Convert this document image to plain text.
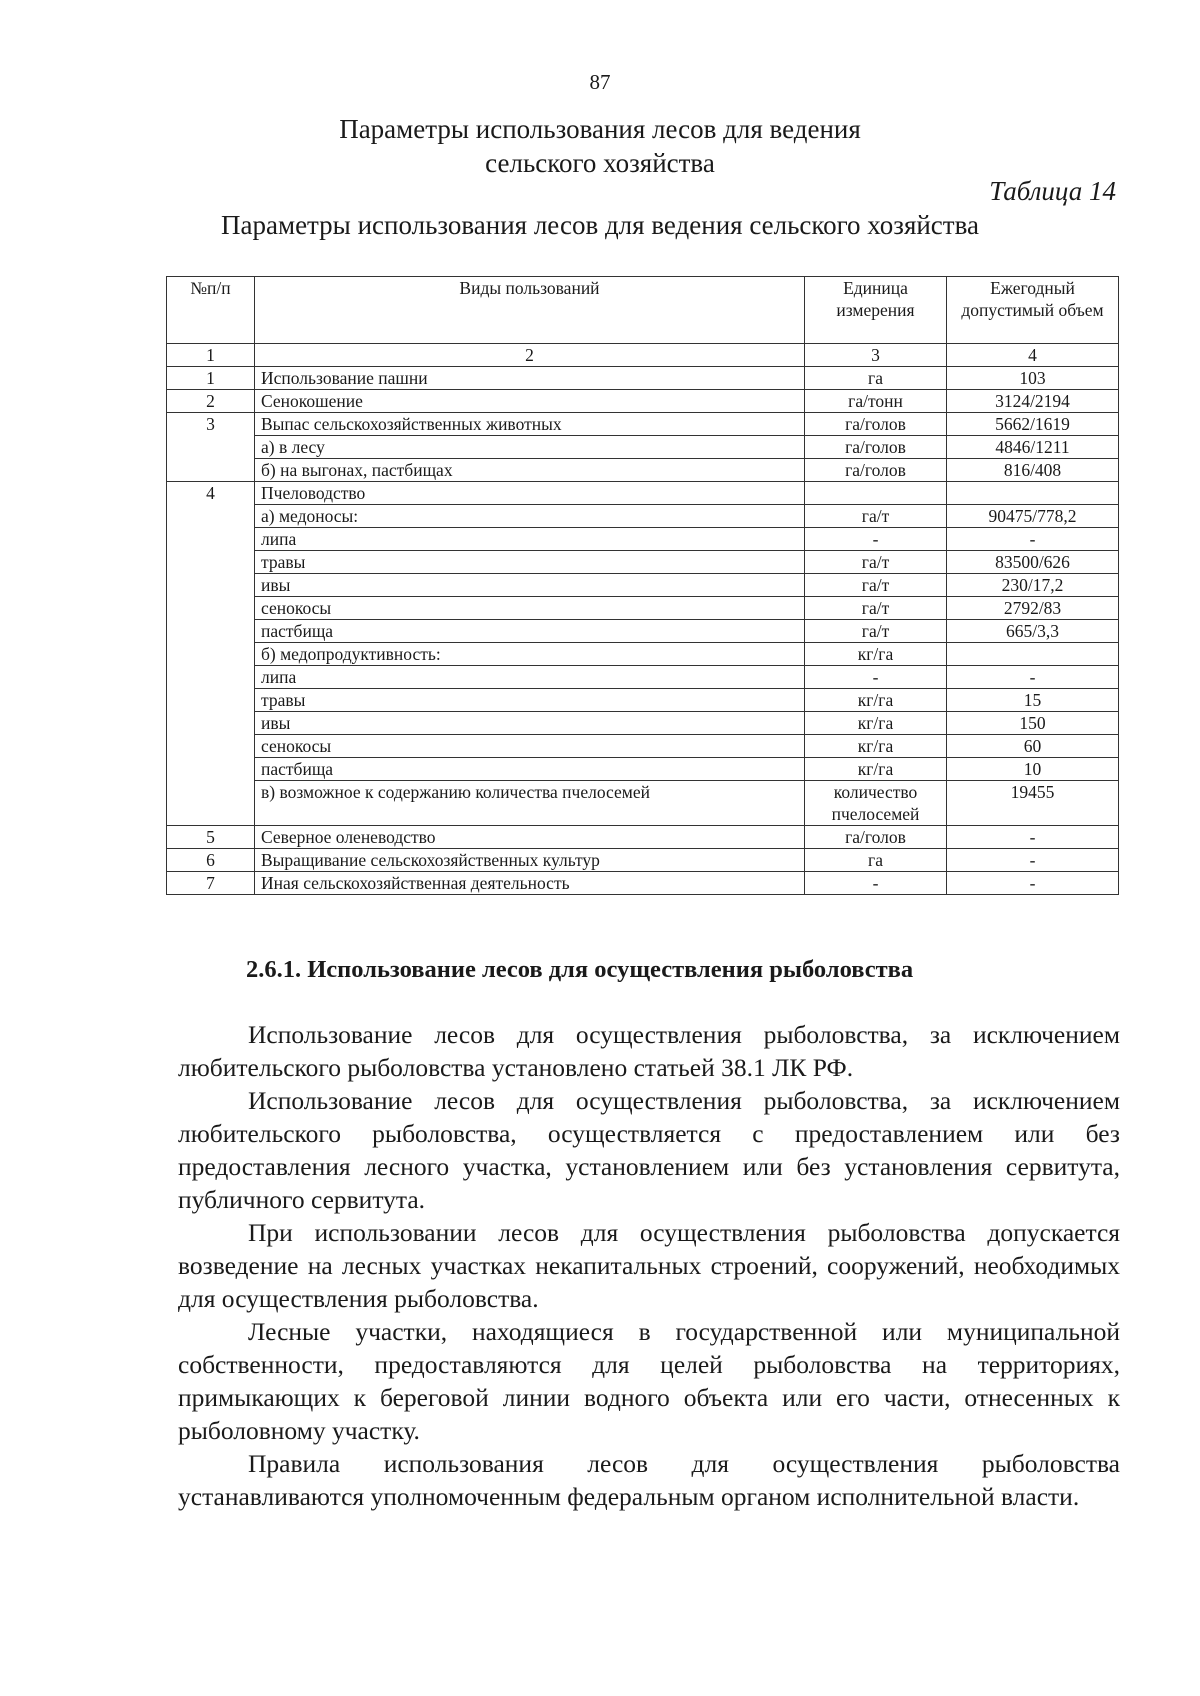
87
Параметры использования лесов для ведения
сельского хозяйства
Таблица 14
Параметры использования лесов для ведения сельского хозяйства
№п/п	Виды пользований	Единица измерения	Ежегодный допустимый объем
1	2	3	4
1	Использование пашни	га	103
2	Сенокошение	га/тонн	3124/2194
3	Выпас сельскохозяйственных животных	га/голов	5662/1619
	а) в лесу	га/голов	4846/1211
	б) на выгонах, пастбищах	га/голов	816/408
4	Пчеловодство		
	а) медоносы:	га/т	90475/778,2
	липа	-	-
	травы	га/т	83500/626
	ивы	га/т	230/17,2
	сенокосы	га/т	2792/83
	пастбища	га/т	665/3,3
	б) медопродуктивность:	кг/га	
	липа	-	-
	травы	кг/га	15
	ивы	кг/га	150
	сенокосы	кг/га	60
	пастбища	кг/га	10
	в) возможное к содержанию количества пчелосемей	количество пчелосемей	19455
5	Северное оленеводство	га/голов	-
6	Выращивание сельскохозяйственных культур	га	-
7	Иная сельскохозяйственная деятельность	-	-
2.6.1. Использование лесов для осуществления рыболовства

Использование лесов для осуществления рыболовства, за исключением любительского рыболовства установлено статьей 38.1 ЛК РФ.

Использование лесов для осуществления рыболовства, за исключением любительского рыболовства, осуществляется с предоставлением или без предоставления лесного участка, установлением или без установления сервитута, публичного сервитута.

При использовании лесов для осуществления рыболовства допускается возведение на лесных участках некапитальных строений, сооружений, необходимых для осуществления рыболовства.

Лесные участки, находящиеся в государственной или муниципальной собственности, предоставляются для целей рыболовства на территориях, примыкающих к береговой линии водного объекта или его части, отнесенных к рыболовному участку.

Правила использования лесов для осуществления рыболовства устанавливаются уполномоченным федеральным органом исполнительной власти.
